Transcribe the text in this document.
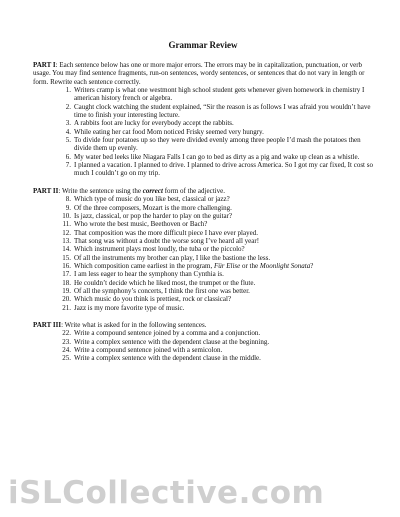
Grammar Review

PART I: Each sentence below has one or more major errors. The errors may be in capitalization, punctuation, or verb usage. You may find sentence fragments, run-on sentences, wordy sentences, or sentences that do not vary in length or form. Rewrite each sentence correctly.

1 . Writers cramp is what one westmont high school student gets whenever given homework in chemistry I american history french or algebra.
2 . Caught clock watching the student explained, “Sir the reason is as follows I was afraid you wouldn’t have time to finish your interesting lecture.
3 . A rabbits foot are lucky for everybody accept the rabbits.
4 . While eating her cat food Mom noticed Frisky seemed very hungry.
5 . To divide four potatoes up so they were divided evenly among three people I’d mash the potatoes then divide them up evenly.
6 . My water bed leeks like Niagara Falls I can go to bed as dirty as a pig and wake up clean as a whistle.
7 . I planned a vacation. I planned to drive. I planned to drive across America. So I got my car fixed, It cost so much I couldn’t go on my trip.

PART II: Write the sentence using the correct form of the adjective.

8 . Which type of music do you like best, classical or jazz?
9 . Of the three composers, Mozart is the more challenging.
10 . Is jazz, classical, or pop the harder to play on the guitar?
11 . Who wrote the best music, Beethoven or Bach?
12 . That composition was the more difficult piece I have ever played.
13 . That song was without a doubt the worse song I’ve heard all year!
14 . Which instrument plays most loudly, the tuba or the piccolo?
15 . Of all the instruments my brother can play, I like the bastione the less.
16 . Which composition came earliest in the program, Für Elise or the Moonlight Sonata?
17 . I am less eager to hear the symphony than Cynthia is.
18 . He couldn’t decide which he liked most, the trumpet or the flute.
19 . Of all the symphony’s concerts, I think the first one was better.
20 . Which music do you think is prettiest, rock or classical?
21 . Jazz is my more favorite type of music.

PART III: Write what is asked for in the following sentences.

22 . Write a compound sentence joined by a comma and a conjunction.
23 . Write a complex sentence with the dependent clause at the beginning.
24 . Write a compound sentence joined with a semicolon.
25 . Write a complex sentence with the dependent clause in the middle.
iSLCollective.com
